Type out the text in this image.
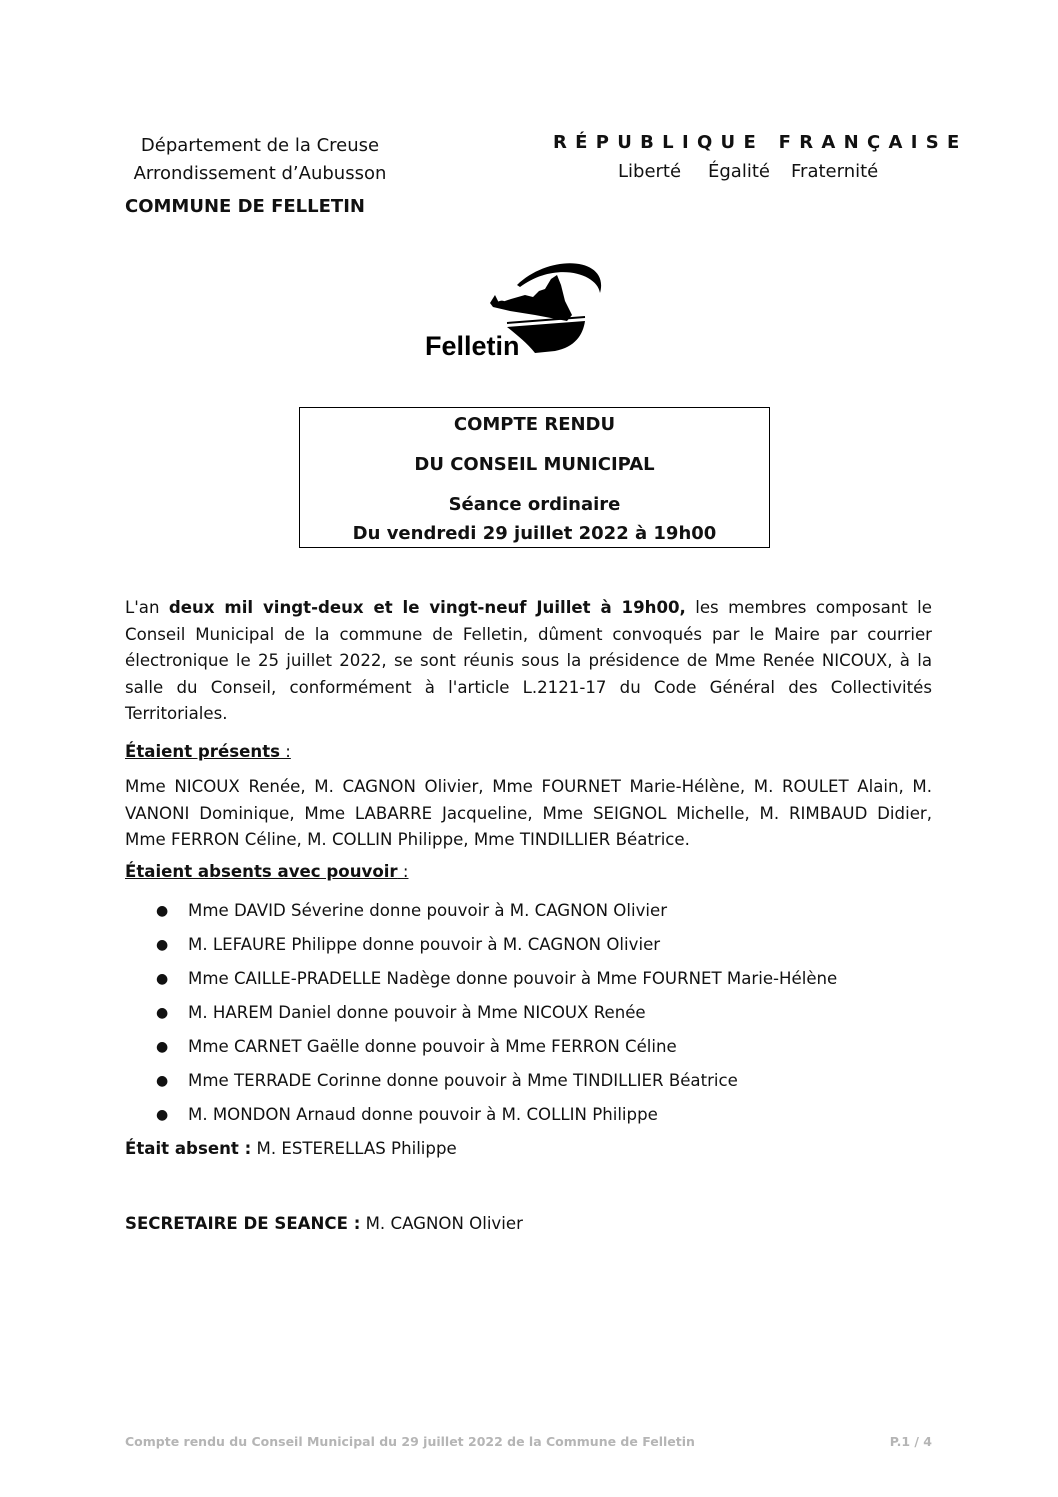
Département de la Creuse
Arrondissement d’Aubusson
COMMUNE DE FELLETIN
RÉPUBLIQUE FRANÇAISE
Liberté Égalité Fraternité
Felletin
COMPTE RENDU
DU CONSEIL MUNICIPAL
Séance ordinaire
Du vendredi 29 juillet 2022 à 19h00
L'an deux mil vingt-deux et le vingt-neuf Juillet à 19h00, les membres composant le Conseil Municipal de la commune de Felletin, dûment convoqués par le Maire par courrier électronique le 25 juillet 2022, se sont réunis sous la présidence de Mme Renée NICOUX, à la salle du Conseil, conformément à l'article L.2121-17 du Code Général des Collectivités Territoriales.
Étaient présents :
Mme NICOUX Renée, M. CAGNON Olivier, Mme FOURNET Marie-Hélène, M. ROULET Alain, M. VANONI Dominique, Mme LABARRE Jacqueline, Mme SEIGNOL Michelle, M. RIMBAUD Didier, Mme FERRON Céline, M. COLLIN Philippe, Mme TINDILLIER Béatrice.
Étaient absents avec pouvoir :
● Mme DAVID Séverine donne pouvoir à M. CAGNON Olivier
● M. LEFAURE Philippe donne pouvoir à M. CAGNON Olivier
● Mme CAILLE-PRADELLE Nadège donne pouvoir à Mme FOURNET Marie-Hélène
● M. HAREM Daniel donne pouvoir à Mme NICOUX Renée
● Mme CARNET Gaëlle donne pouvoir à Mme FERRON Céline
● Mme TERRADE Corinne donne pouvoir à Mme TINDILLIER Béatrice
● M. MONDON Arnaud donne pouvoir à M. COLLIN Philippe
Était absent : M. ESTERELLAS Philippe
SECRETAIRE DE SEANCE : M. CAGNON Olivier
Compte rendu du Conseil Municipal du 29 juillet 2022 de la Commune de Felletin	P.1 / 4
